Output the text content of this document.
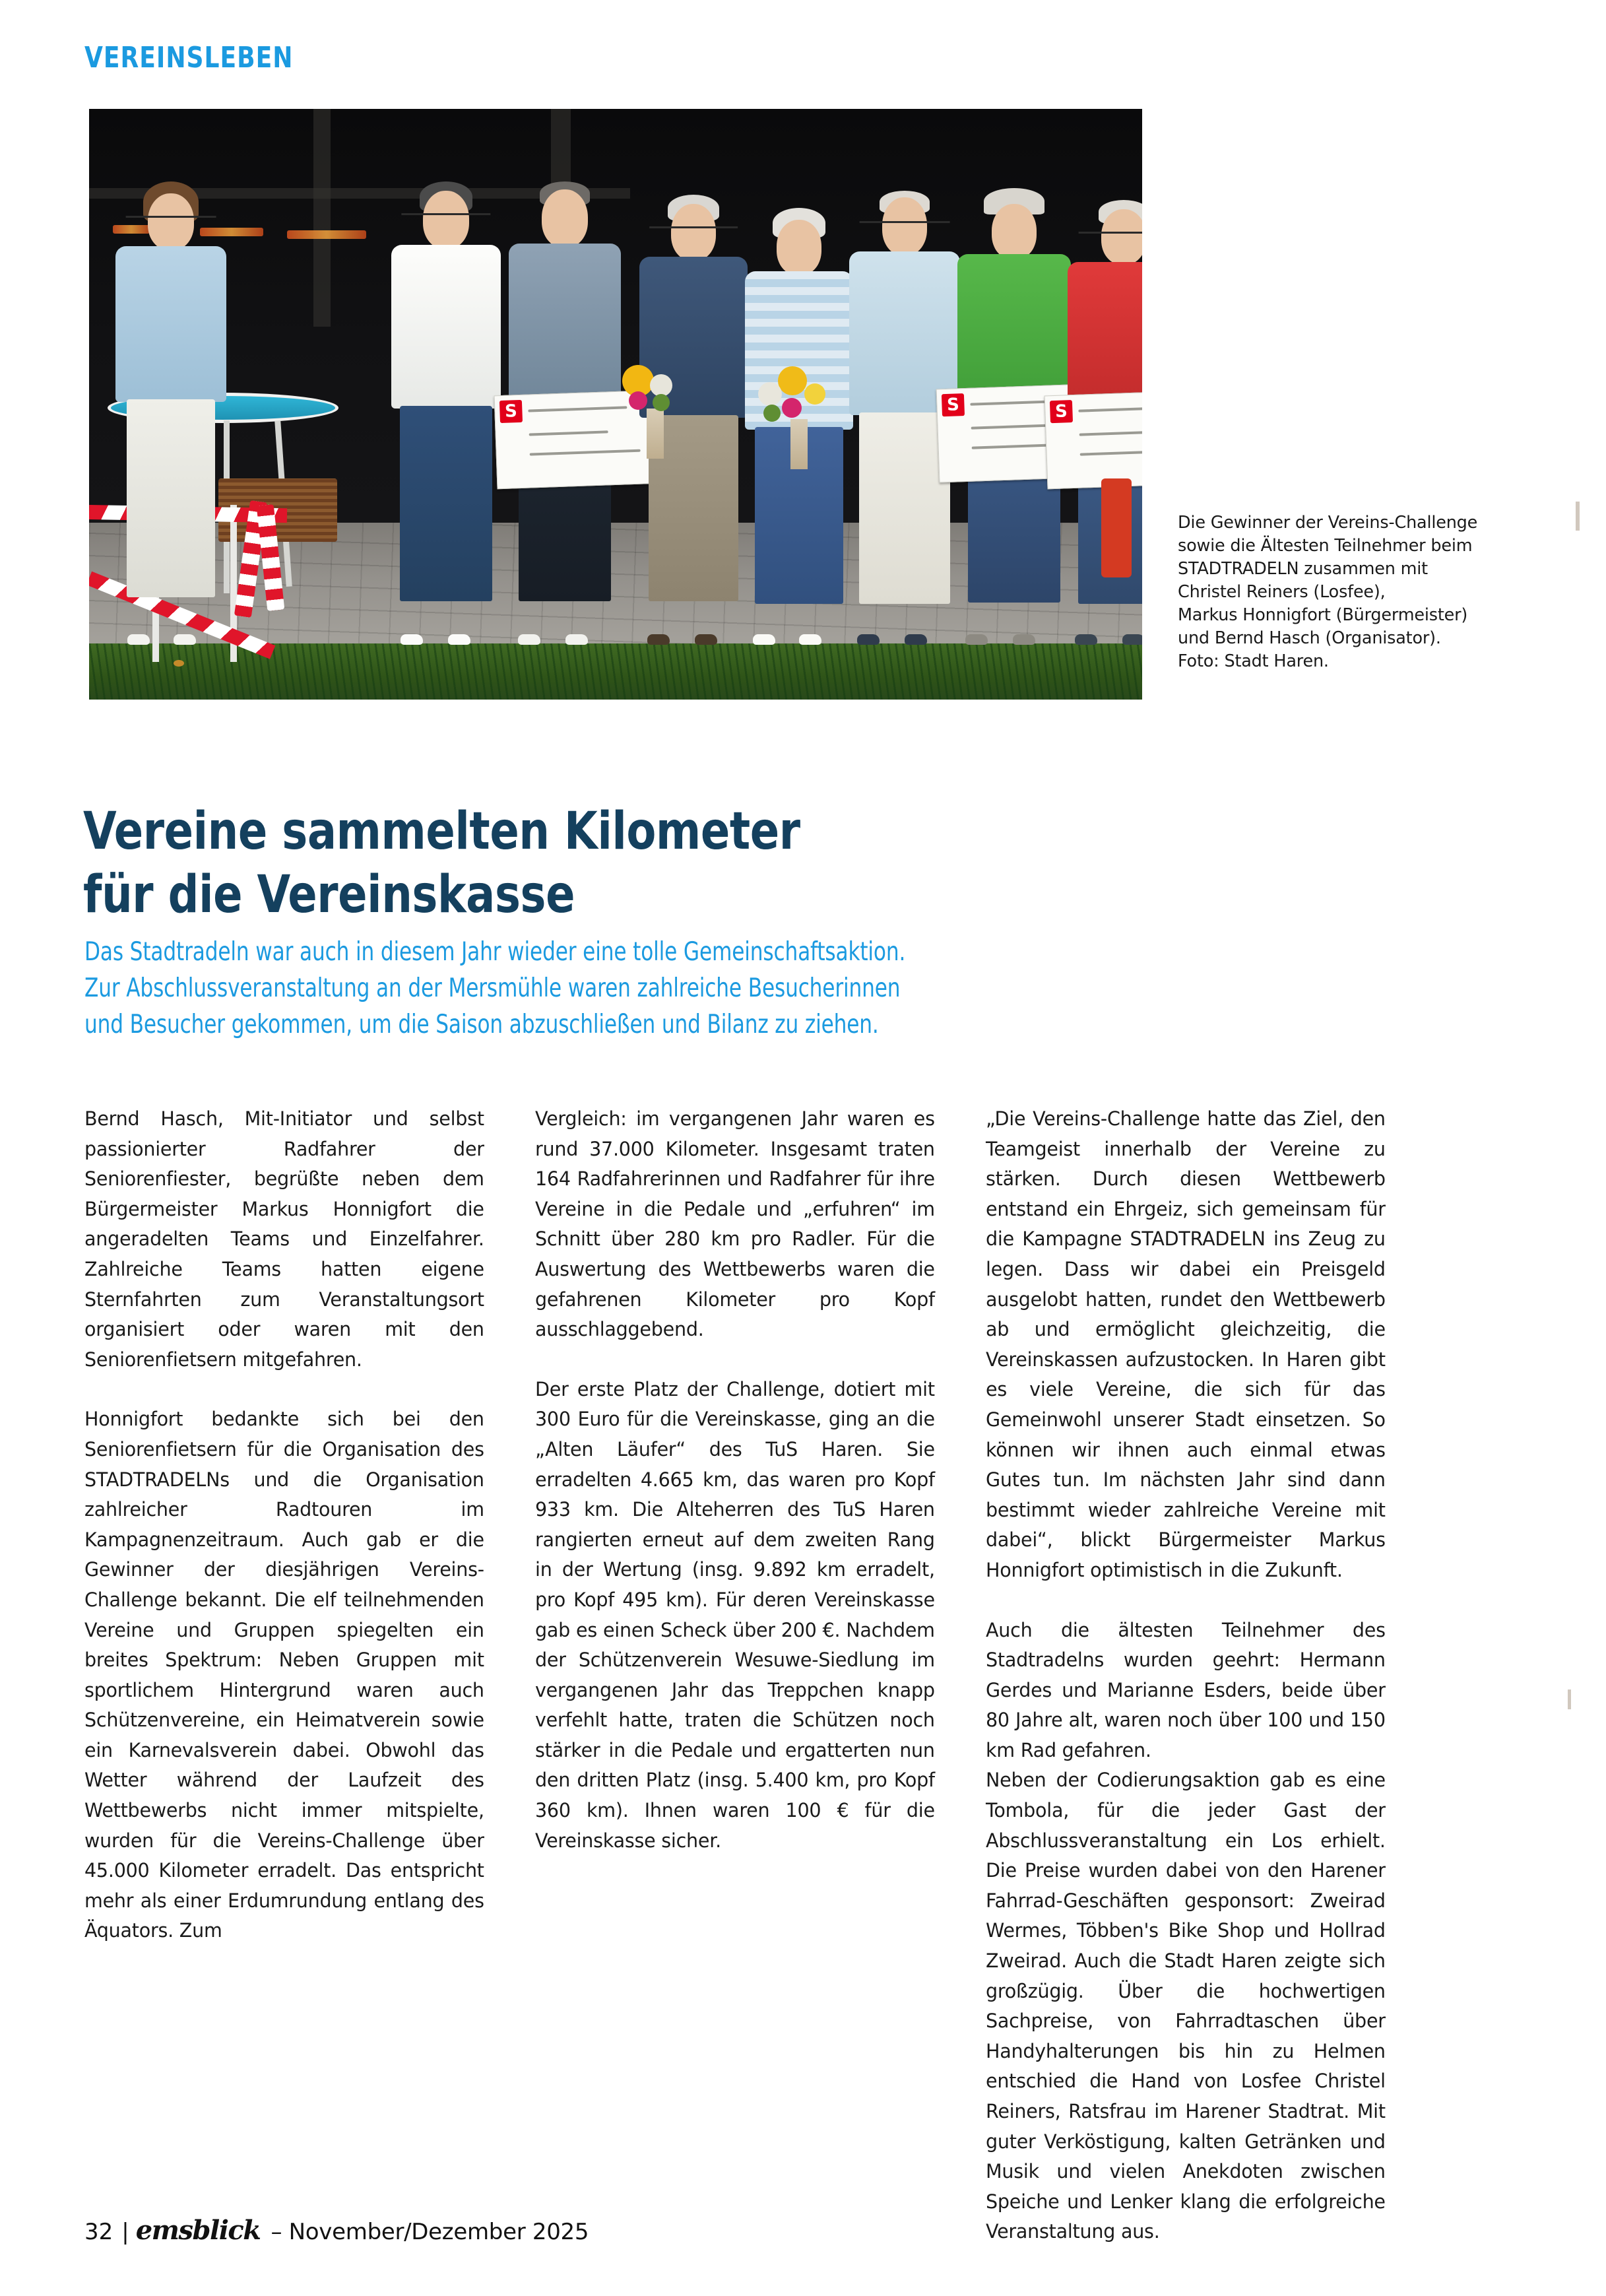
VEREINSLEBEN
S	S	S
Die Gewinner der Vereins-Challenge
sowie die Ältesten Teilnehmer beim
STADTRADELN zusammen mit
Christel Reiners (Losfee),
Markus Honnigfort (Bürgermeister)
und Bernd Hasch (Organisator).
Foto: Stadt Haren.
Vereine sammelten Kilometer
für die Vereinskasse
Das Stadtradeln war auch in diesem Jahr wieder eine tolle Gemeinschaftsaktion.
Zur Abschlussveranstaltung an der Mersmühle waren zahlreiche Besucherinnen
und Besucher gekommen, um die Saison abzuschließen und Bilanz zu ziehen.

Bernd Hasch, Mit-Initiator und selbst passionierter Radfahrer der Seniorenfiester, begrüßte neben dem Bürgermeister Markus Honnigfort die angeradelten Teams und Einzelfahrer. Zahlreiche Teams hatten eigene Sternfahrten zum Veranstaltungsort organisiert oder waren mit den Seniorenfietsern mitgefahren.

Honnigfort bedankte sich bei den Seniorenfietsern für die Organisation des STADTRADELNs und die Organisation zahlreicher Radtouren im Kampagnenzeitraum. Auch gab er die Gewinner der diesjährigen Vereins-Challenge bekannt. Die elf teilnehmenden Vereine und Gruppen spiegelten ein breites Spektrum: Neben Gruppen mit sportlichem Hintergrund waren auch Schützenvereine, ein Heimatverein sowie ein Karnevalsverein dabei. Obwohl das Wetter während der Laufzeit des Wettbewerbs nicht immer mitspielte, wurden für die Vereins-Challenge über 45.000 Kilometer erradelt. Das entspricht mehr als einer Erdumrundung entlang des Äquators. Zum

Vergleich: im vergangenen Jahr waren es rund 37.000 Kilometer. Insgesamt traten 164 Radfahrerinnen und Radfahrer für ihre Vereine in die Pedale und „erfuhren“ im Schnitt über 280 km pro Radler. Für die Auswertung des Wettbewerbs waren die gefahrenen Kilometer pro Kopf ausschlaggebend.

Der erste Platz der Challenge, dotiert mit 300 Euro für die Vereinskasse, ging an die „Alten Läufer“ des TuS Haren. Sie erradelten 4.665 km, das waren pro Kopf 933 km. Die Alteherren des TuS Haren rangierten erneut auf dem zweiten Rang in der Wertung (insg. 9.892 km erradelt, pro Kopf 495 km). Für deren Vereinskasse gab es einen Scheck über 200 €. Nachdem der Schützenverein Wesuwe-Siedlung im vergangenen Jahr das Treppchen knapp verfehlt hatte, traten die Schützen noch stärker in die Pedale und ergatterten nun den dritten Platz (insg. 5.400 km, pro Kopf 360 km). Ihnen waren 100 € für die Vereinskasse sicher.

„Die Vereins-Challenge hatte das Ziel, den Teamgeist innerhalb der Vereine zu stärken. Durch diesen Wettbewerb entstand ein Ehrgeiz, sich gemeinsam für die Kampagne STADTRADELN ins Zeug zu legen. Dass wir dabei ein Preisgeld ausgelobt hatten, rundet den Wettbewerb ab und ermöglicht gleichzeitig, die Vereinskassen aufzustocken. In Haren gibt es viele Vereine, die sich für das Gemeinwohl unserer Stadt einsetzen. So können wir ihnen auch einmal etwas Gutes tun. Im nächsten Jahr sind dann bestimmt wieder zahlreiche Vereine mit dabei“, blickt Bürgermeister Markus Honnigfort optimistisch in die Zukunft.

Auch die ältesten Teilnehmer des Stadtradelns wurden geehrt: Hermann Gerdes und Marianne Esders, beide über 80 Jahre alt, waren noch über 100 und 150 km Rad gefahren.

Neben der Codierungsaktion gab es eine Tombola, für die jeder Gast der Abschlussveranstaltung ein Los erhielt. Die Preise wurden dabei von den Harener Fahrrad-Geschäften gesponsort: Zweirad Wermes, Többen's Bike Shop und Hollrad Zweirad. Auch die Stadt Haren zeigte sich großzügig. Über die hochwertigen Sachpreise, von Fahrradtaschen über Handyhalterungen bis hin zu Helmen entschied die Hand von Losfee Christel Reiners, Ratsfrau im Harener Stadtrat. Mit guter Verköstigung, kalten Getränken und Musik und vielen Anekdoten zwischen Speiche und Lenker klang die erfolgreiche Veranstaltung aus.

32 | emsblick – November/Dezember 2025
